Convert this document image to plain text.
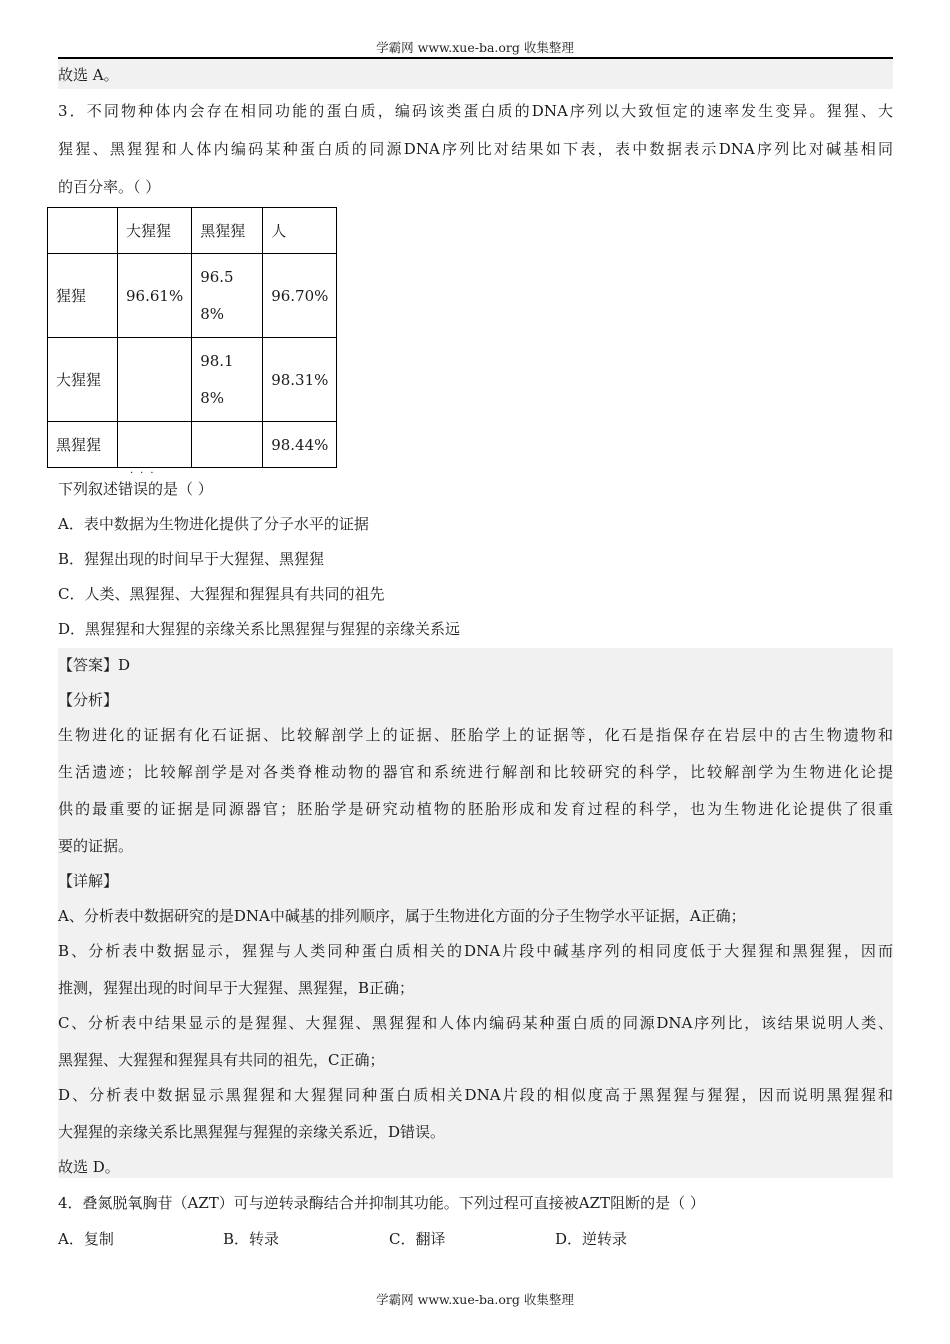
学霸网 www.xue-ba.org 收集整理
故选 A。
3．不同物种体内会存在相同功能的蛋白质，编码该类蛋白质的DNA序列以大致恒定的速率发生变异。猩猩、大
猩猩、黑猩猩和人体内编码某种蛋白质的同源DNA序列比对结果如下表，表中数据表示DNA序列比对碱基相同
的百分率。（ ）
	大猩猩	黑猩猩	人
猩猩	96.61%	96.58%	96.70%
大猩猩		98.18%	98.31%
黑猩猩			98.44%
···
下列叙述错误的是（ ）
A．表中数据为生物进化提供了分子水平的证据
B．猩猩出现的时间早于大猩猩、黑猩猩
C．人类、黑猩猩、大猩猩和猩猩具有共同的祖先
D．黑猩猩和大猩猩的亲缘关系比黑猩猩与猩猩的亲缘关系远
【答案】D
【分析】
生物进化的证据有化石证据、比较解剖学上的证据、胚胎学上的证据等，化石是指保存在岩层中的古生物遗物和
生活遗迹；比较解剖学是对各类脊椎动物的器官和系统进行解剖和比较研究的科学，比较解剖学为生物进化论提
供的最重要的证据是同源器官；胚胎学是研究动植物的胚胎形成和发育过程的科学，也为生物进化论提供了很重
要的证据。
【详解】
A、分析表中数据研究的是DNA中碱基的排列顺序，属于生物进化方面的分子生物学水平证据，A正确；
B、分析表中数据显示，猩猩与人类同种蛋白质相关的DNA片段中碱基序列的相同度低于大猩猩和黑猩猩，因而
推测，猩猩出现的时间早于大猩猩、黑猩猩，B正确；
C、分析表中结果显示的是猩猩、大猩猩、黑猩猩和人体内编码某种蛋白质的同源DNA序列比，该结果说明人类、
黑猩猩、大猩猩和猩猩具有共同的祖先，C正确；
D、分析表中数据显示黑猩猩和大猩猩同种蛋白质相关DNA片段的相似度高于黑猩猩与猩猩，因而说明黑猩猩和
大猩猩的亲缘关系比黑猩猩与猩猩的亲缘关系近，D错误。
故选 D。
4．叠氮脱氧胸苷（AZT）可与逆转录酶结合并抑制其功能。下列过程可直接被AZT阻断的是（ ）
A．复制	B．转录	C．翻译	D．逆转录
学霸网 www.xue-ba.org 收集整理
